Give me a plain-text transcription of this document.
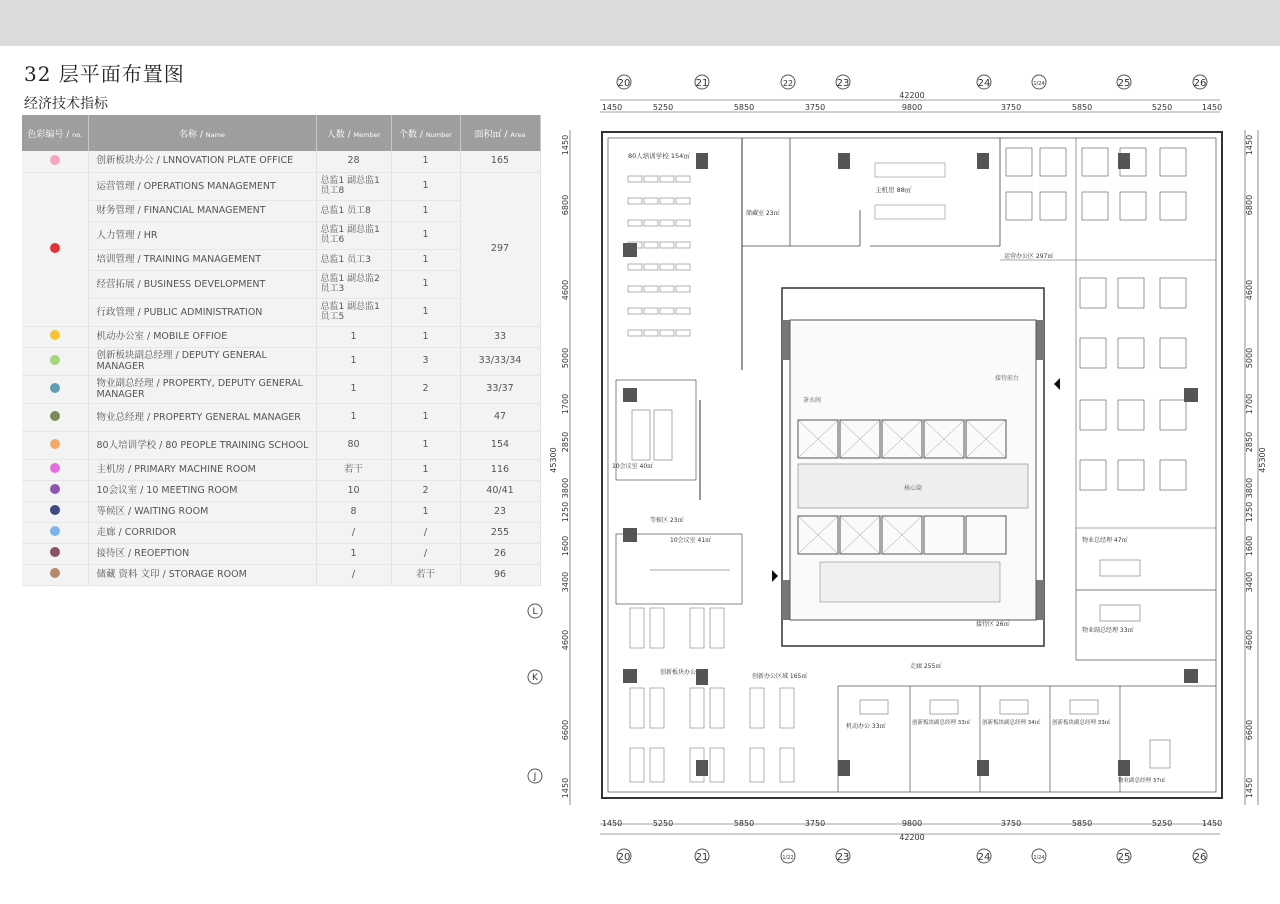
32 层平面布置图
经济技术指标
色彩编号 / no.	名称 / Name	人数 / Member	个数 / Number	面积㎡ / Area
	创新板块办公 / LNNOVATION PLATE OFFICE	28	1	165
	运营管理 / OPERATIONS MANAGEMENT	总监1 副总监1 员工8	1	297
	财务管理 / FINANCIAL MANAGEMENT	总监1 员工8	1	
	人力管理 / HR	总监1 副总监1 员工6	1	
	培训管理 / TRAINING MANAGEMENT	总监1 员工3	1	
	经营拓展 / BUSINESS DEVELOPMENT	总监1 副总监2 员工3	1	
	行政管理 / PUBLIC ADMINISTRATION	总监1 副总监1 员工5	1	
	机动办公室 / MOBILE OFFIOE	1	1	33
	创新板块副总经理 / DEPUTY GENERAL MANAGER	1	3	33/33/34
	物业副总经理 / PROPERTY, DEPUTY GENERAL MANAGER	1	2	33/37
	物业总经理 / PROPERTY GENERAL MANAGER	1	1	47
	80人培训学校 / 80 PEOPLE TRAINING SCHOOL	80	1	154
	主机房 / PRIMARY MACHINE ROOM	若干	1	116
	10会议室 / 10 MEETING ROOM	10	2	40/41
	等候区 / WAITING ROOM	8	1	23
	走廊 / CORRIDOR	/	/	255
	接待区 / REOEPTION	1	/	26
	储藏 资料 文印 / STORAGE ROOM	/	若干	96
20	21	22	23	24	1/24	25	26
20	21	1/22	23	24	1/24	25	26
L
K
J
42200
1450	5250	5850	3750	9800	3750	5850	5250	1450
1450	5250	5850	3750	9800	3750	5850	5250	1450
42200
45300
1450
6800
4600
5000
1700
2850
3800
1250
1600
3400
4600
6600
1450
45300
1450
6800
4600
5000
1700
2850
3800
1250
1600
3400
4600
6600
1450
80人培训学校 154㎡
储藏室 23㎡
主机房 88㎡
运营办公区 297㎡
核心筒
茶水间
接待前台
走廊 255㎡
10会议室 40㎡
等候区 23㎡
10会议室 41㎡
创新板块办公
创新办公区域 165㎡
机动办公 33㎡	创新板块副总经理 33㎡ 创新板块副总经理 34㎡ 创新板块副总经理 33㎡
物业副总经理 37㎡
物业总经理 47㎡
物业副总经理 33㎡
接待区 26㎡
